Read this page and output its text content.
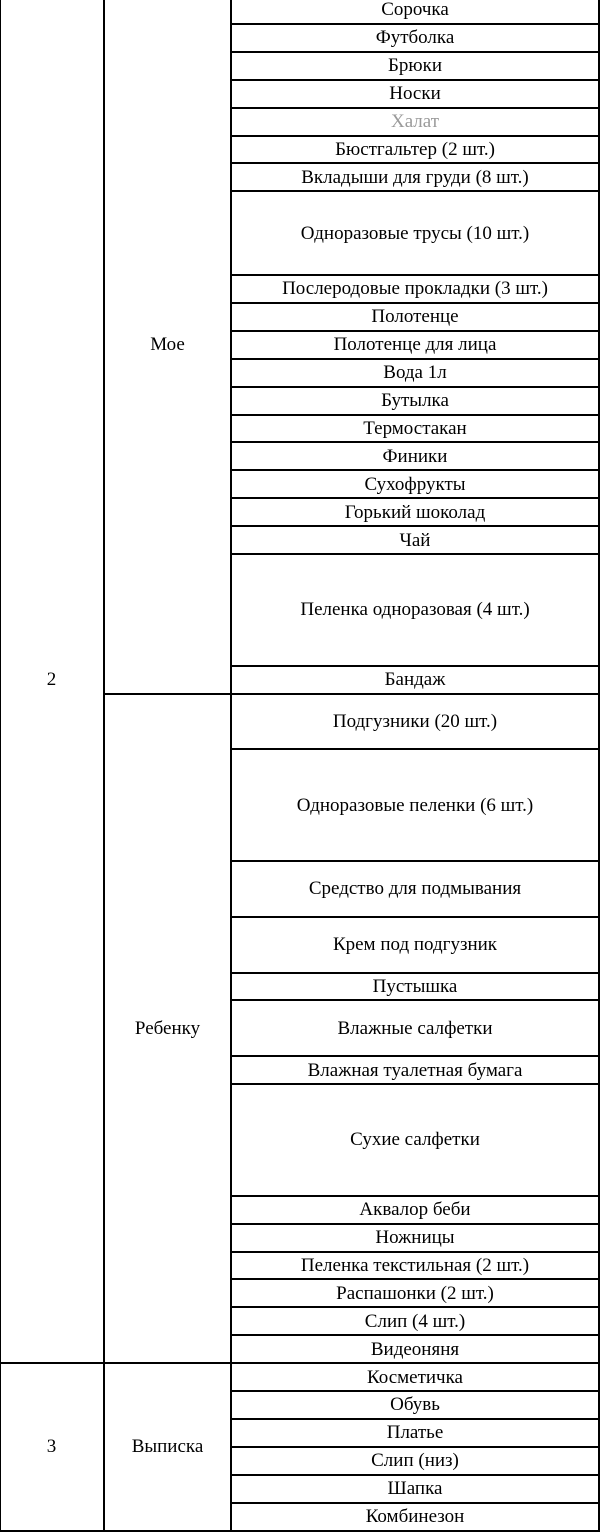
Сорочка
Футболка
Брюки
Носки
Халат
Бюстгальтер (2 шт.)
Вкладыши для груди (8 шт.)
Одноразовые трусы (10 шт.)
Послеродовые прокладки (3 шт.)
Полотенце
Полотенце для лица
Вода 1л
Бутылка
Термостакан
Финики
Сухофрукты
Горький шоколад
Чай
Пеленка одноразовая (4 шт.)
Бандаж
Мое
Подгузники (20 шт.)
Одноразовые пеленки (6 шт.)
Средство для подмывания
Крем под подгузник
Пустышка
Влажные салфетки
Влажная туалетная бумага
Сухие салфетки
Аквалор беби
Ножницы
Пеленка текстильная (2 шт.)
Распашонки (2 шт.)
Слип (4 шт.)
Видеоняня
Ребенку
2
Косметичка
Обувь
Платье
Слип (низ)
Шапка
Комбинезон
Выписка
3
